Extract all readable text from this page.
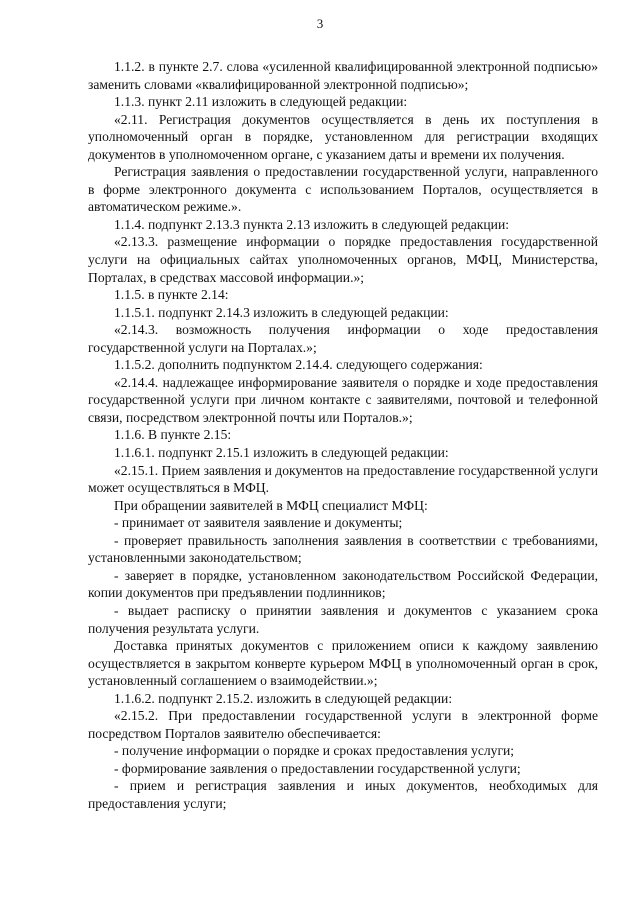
3

1.1.2. в пункте 2.7. слова «усиленной квалифицированной электронной подписью» заменить словами «квалифицированной электронной подписью»;

1.1.3. пункт 2.11 изложить в следующей редакции:

«2.11. Регистрация документов осуществляется в день их поступления в уполномоченный орган в порядке, установленном для регистрации входящих документов в уполномоченном органе, с указанием даты и времени их получения.

Регистрация заявления о предоставлении государственной услуги, направленного в форме электронного документа с использованием Порталов, осуществляется в автоматическом режиме.».

1.1.4. подпункт 2.13.3 пункта 2.13 изложить в следующей редакции:

«2.13.3. размещение информации о порядке предоставления государственной услуги на официальных сайтах уполномоченных органов, МФЦ, Министерства, Порталах, в средствах массовой информации.»;

1.1.5. в пункте 2.14:

1.1.5.1. подпункт 2.14.3 изложить в следующей редакции:

«2.14.3. возможность получения информации о ходе предоставления государственной услуги на Порталах.»;

1.1.5.2. дополнить подпунктом 2.14.4. следующего содержания:

«2.14.4. надлежащее информирование заявителя о порядке и ходе предоставления государственной услуги при личном контакте с заявителями, почтовой и телефонной связи, посредством электронной почты или Порталов.»;

1.1.6. В пункте 2.15:

1.1.6.1. подпункт 2.15.1 изложить в следующей редакции:

«2.15.1. Прием заявления и документов на предоставление государственной услуги может осуществляться в МФЦ.

При обращении заявителей в МФЦ специалист МФЦ:

- принимает от заявителя заявление и документы;

- проверяет правильность заполнения заявления в соответствии с требованиями, установленными законодательством;

- заверяет в порядке, установленном законодательством Российской Федерации, копии документов при предъявлении подлинников;

- выдает расписку о принятии заявления и документов с указанием срока получения результата услуги.

Доставка принятых документов с приложением описи к каждому заявлению осуществляется в закрытом конверте курьером МФЦ в уполномоченный орган в срок, установленный соглашением о взаимодействии.»;

1.1.6.2. подпункт 2.15.2. изложить в следующей редакции:

«2.15.2. При предоставлении государственной услуги в электронной форме посредством Порталов заявителю обеспечивается:

- получение информации о порядке и сроках предоставления услуги;

- формирование заявления о предоставлении государственной услуги;

- прием и регистрация заявления и иных документов, необходимых для предоставления услуги;
